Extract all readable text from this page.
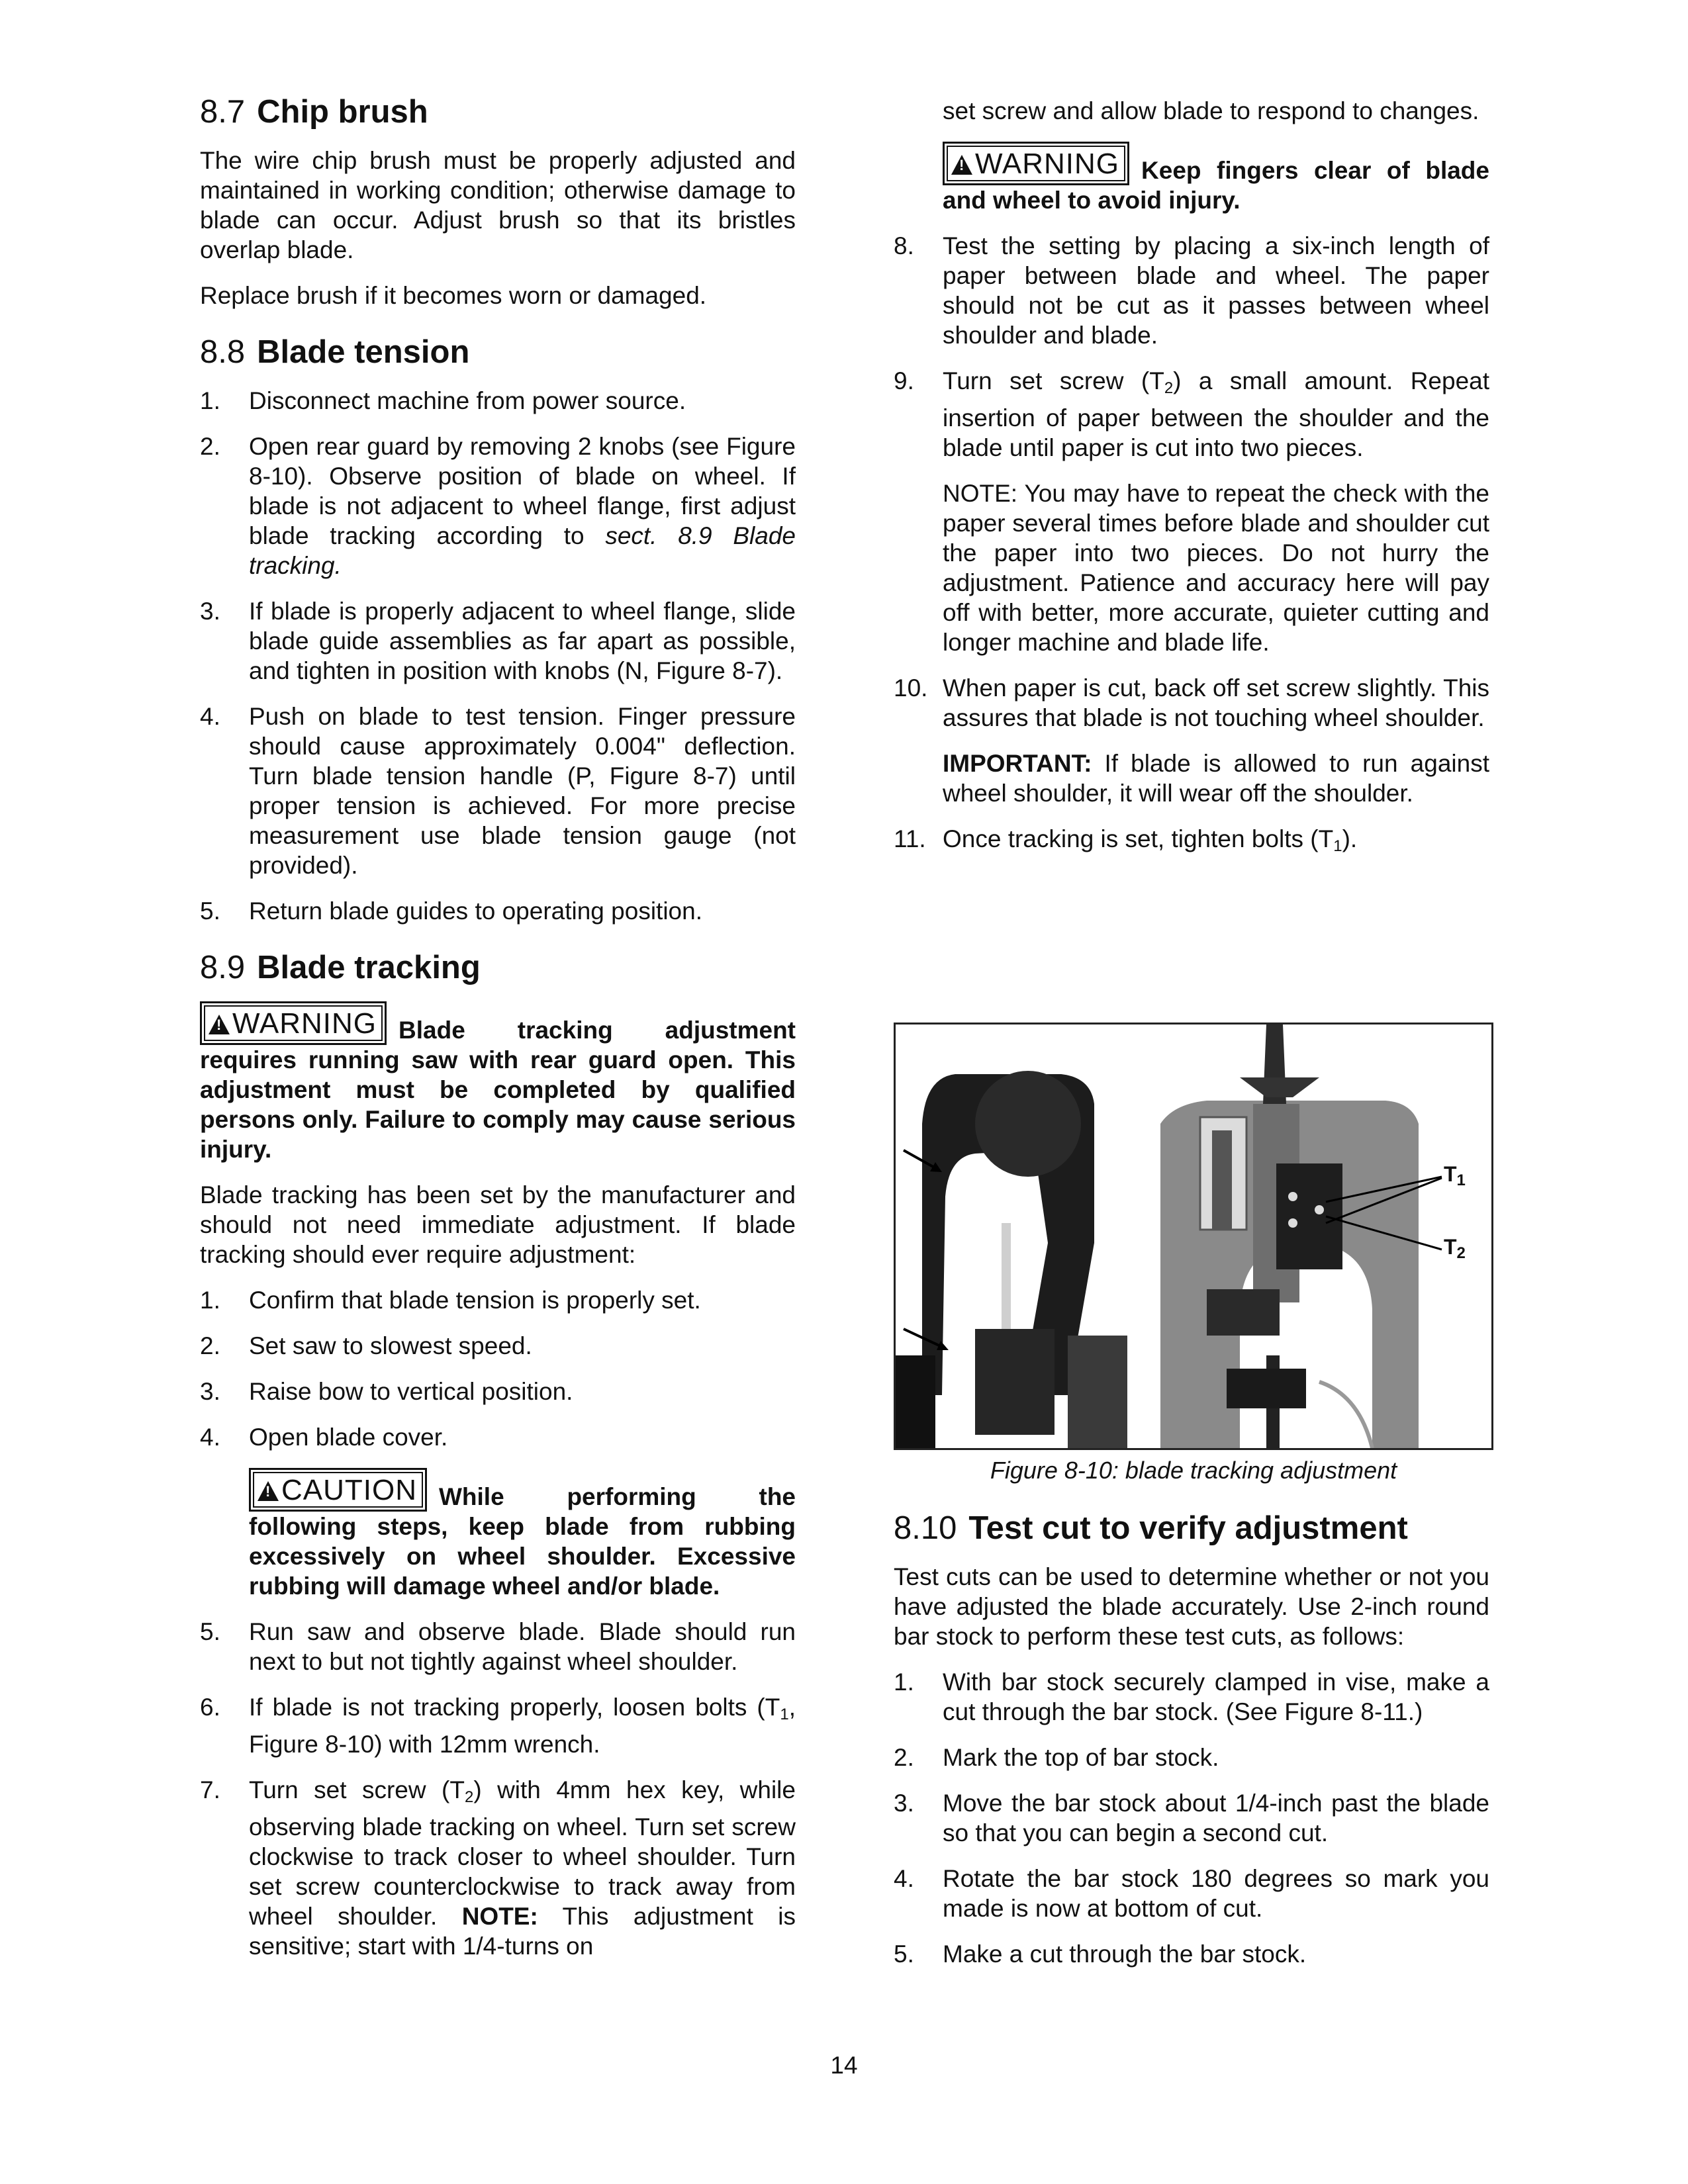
8.7 Chip brush

The wire chip brush must be properly adjusted and maintained in working condition; otherwise damage to blade can occur. Adjust brush so that its bristles overlap blade.

Replace brush if it becomes worn or damaged.

8.8 Blade tension
1.	Disconnect machine from power source.
2.	Open rear guard by removing 2 knobs (see Figure 8-10). Observe position of blade on wheel. If blade is not adjacent to wheel flange, first adjust blade tracking according to sect. 8.9 Blade tracking.
3.	If blade is properly adjacent to wheel flange, slide blade guide assemblies as far apart as possible, and tighten in position with knobs (N, Figure 8-7).
4.	Push on blade to test tension. Finger pressure should cause approximately 0.004" deflection. Turn blade tension handle (P, Figure 8-7) until proper tension is achieved. For more precise measurement use blade tension gauge (not provided).
5.	Return blade guides to operating position.
8.9 Blade tracking
!WARNING Blade tracking adjustment requires running saw with rear guard open. This adjustment must be completed by qualified persons only. Failure to comply may cause serious injury.

Blade tracking has been set by the manufacturer and should not need immediate adjustment. If blade tracking should ever require adjustment:

1.	Confirm that blade tension is properly set.
2.	Set saw to slowest speed.
3.	Raise bow to vertical position.
4.	Open blade cover.
!CAUTION While performing the following steps, keep blade from rubbing excessively on wheel shoulder. Excessive rubbing will damage wheel and/or blade.
5.	Run saw and observe blade. Blade should run next to but not tightly against wheel shoulder.
6.	If blade is not tracking properly, loosen bolts ($T_1$, Figure 8-10) with 12mm wrench.
7.	Turn set screw $(T_2)$ with 4mm hex key, while observing blade tracking on wheel. Turn set screw clockwise to track closer to wheel shoulder. Turn set screw counterclockwise to track away from wheel shoulder. NOTE: This adjustment is sensitive; start with 1/4-turns on
set screw and allow blade to respond to changes.
!WARNING Keep fingers clear of blade and wheel to avoid injury.
8.	Test the setting by placing a six-inch length of paper between blade and wheel. The paper should not be cut as it passes between wheel shoulder and blade.
9.	Turn set screw $(T_2)$ a small amount. Repeat insertion of paper between the shoulder and the blade until paper is cut into two pieces.

NOTE: You may have to repeat the check with the paper several times before blade and shoulder cut the paper into two pieces. Do not hurry the adjustment. Patience and accuracy here will pay off with better, more accurate, quieter cutting and longer machine and blade life.

10. When paper is cut, back off set screw slightly. This assures that blade is not touching wheel shoulder.

IMPORTANT: If blade is allowed to run against wheel shoulder, it will wear off the shoulder.

11. Once tracking is set, tighten bolts $(T_1)$.
$T_1$
$T_2$
Figure 8-10: blade tracking adjustment
8.10 Test cut to verify adjustment

Test cuts can be used to determine whether or not you have adjusted the blade accurately. Use 2-inch round bar stock to perform these test cuts, as follows:

1.	With bar stock securely clamped in vise, make a cut through the bar stock. (See Figure 8-11.)
2.	Mark the top of bar stock.
3.	Move the bar stock about 1/4-inch past the blade so that you can begin a second cut.
4.	Rotate the bar stock 180 degrees so mark you made is now at bottom of cut.
5.	Make a cut through the bar stock.
14
